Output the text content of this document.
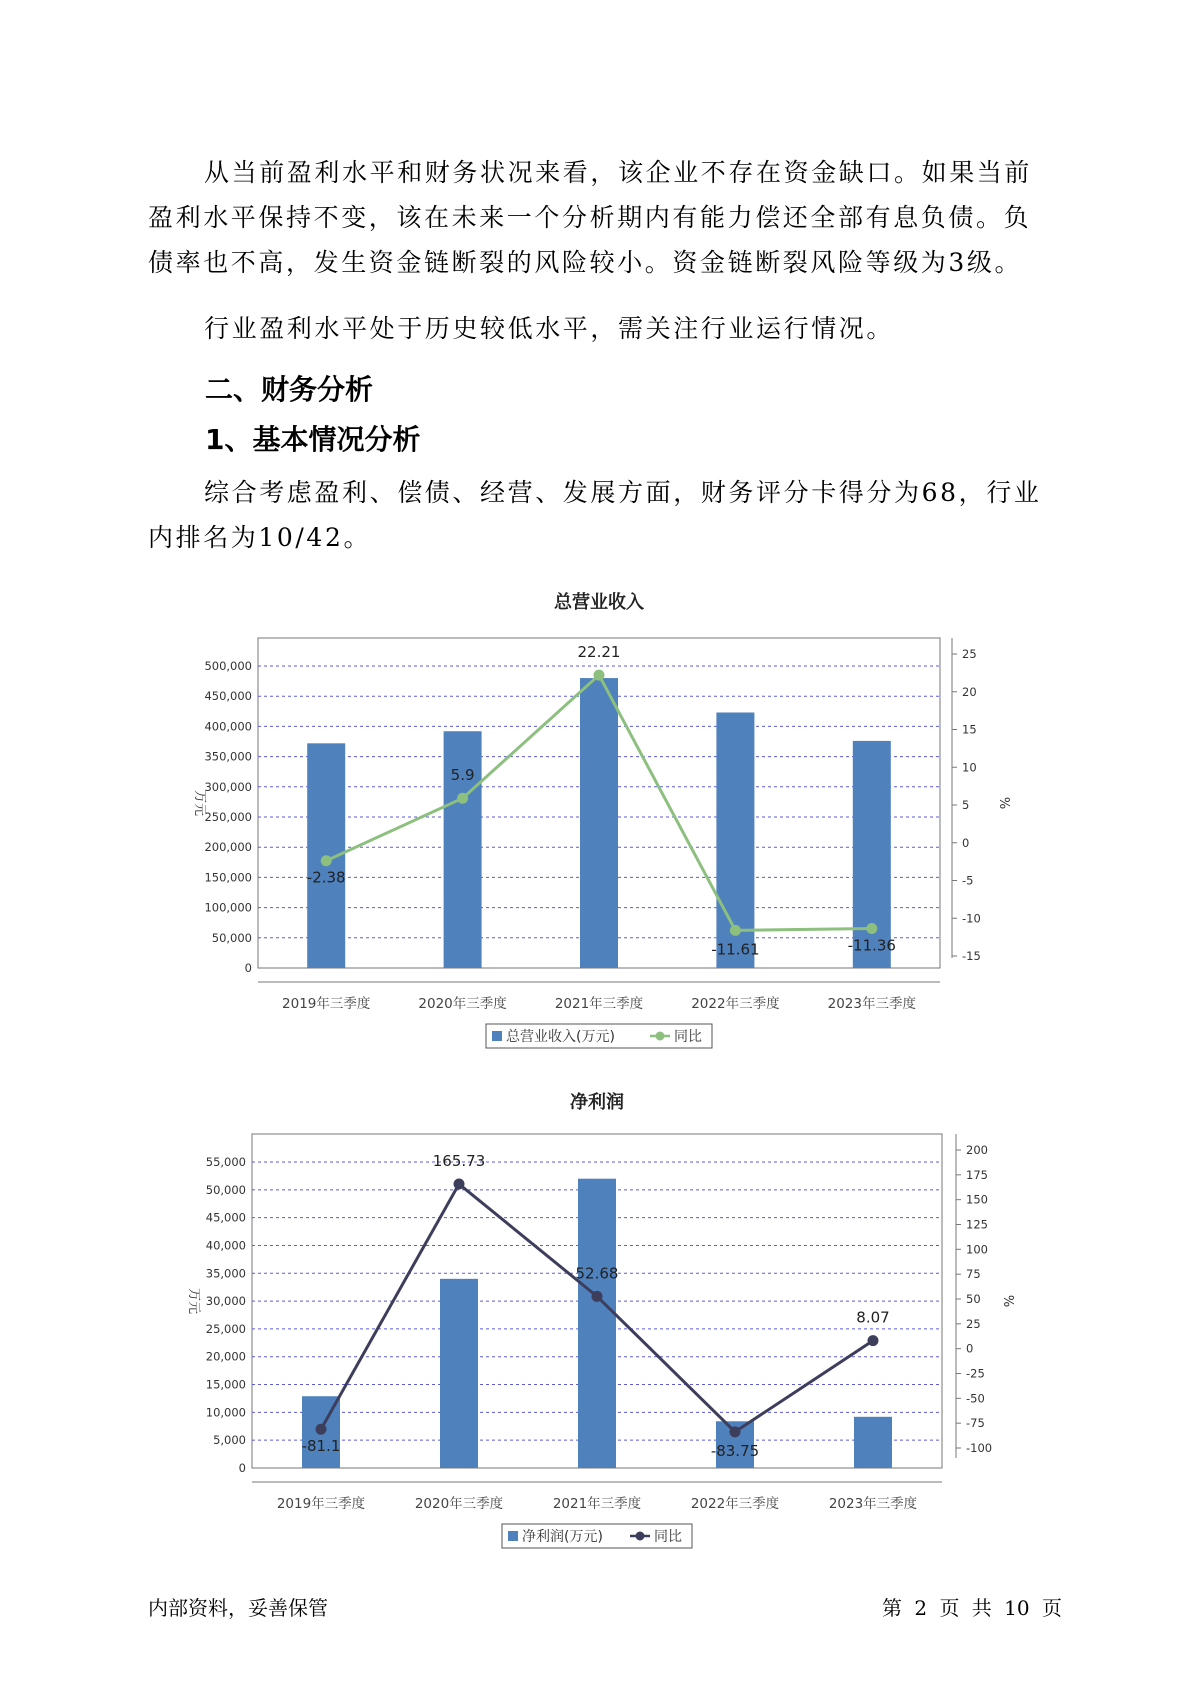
从当前盈利水平和财务状况来看，该企业不存在资金缺口。如果当前盈利水平保持不变，该在未来一个分析期内有能力偿还全部有息负债。负债率也不高，发生资金链断裂的风险较小。资金链断裂风险等级为3级。

行业盈利水平处于历史较低水平，需关注行业运行情况。

二、财务分析
1、基本情况分析

综合考虑盈利、偿债、经营、发展方面，财务评分卡得分为68，行业内排名为10/42。

总营业收入
0
50,000
100,000
150,000
200,000
250,000
300,000
350,000
400,000
450,000
500,000
万元
-15
-10
-5
0
5
10
15
20
25
%
2019年三季度	2020年三季度	2021年三季度	2022年三季度	2023年三季度
-2.38
5.9
22.21
-11.61	-11.36
总营业收入(万元)	同比
净利润
0
5,000
10,000
15,000
20,000
25,000
30,000
35,000
40,000
45,000
50,000
55,000
万元
-100
-75
-50
-25
0
25
50
75
100
125
150
175
200
%
2019年三季度	2020年三季度	2021年三季度	2022年三季度	2023年三季度
-81.1
165.73
52.68
-83.75
8.07
净利润(万元)	同比
内部资料，妥善保管	第 2 页 共 10 页
